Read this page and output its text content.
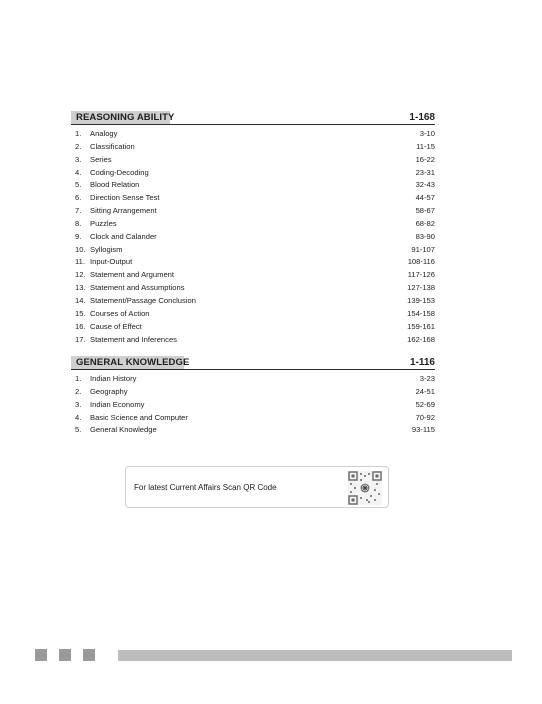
REASONING ABILITY	1-168
1. Analogy	3-10
2. Classification	11-15
3. Series	16-22
4. Coding-Decoding	23-31
5. Blood Relation	32-43
6. Direction Sense Test	44-57
7. Sitting Arrangement	58-67
8. Puzzles	68-82
9. Clock and Calander	83-90
10. Syllogism	91-107
11. Input-Output	108-116
12. Statement and Argument	117-126
13. Statement and Assumptions	127-138
14. Statement/Passage Conclusion	139-153
15. Courses of Action	154-158
16. Cause of Effect	159-161
17. Statement and Inferences	162-168
GENERAL KNOWLEDGE	1-116
1. Indian History	3-23
2. Geography	24-51
3. Indian Economy	52-69
4. Basic Science and Computer	70-92
5. General Knowledge	93-115
For latest Current Affairs Scan QR Code
